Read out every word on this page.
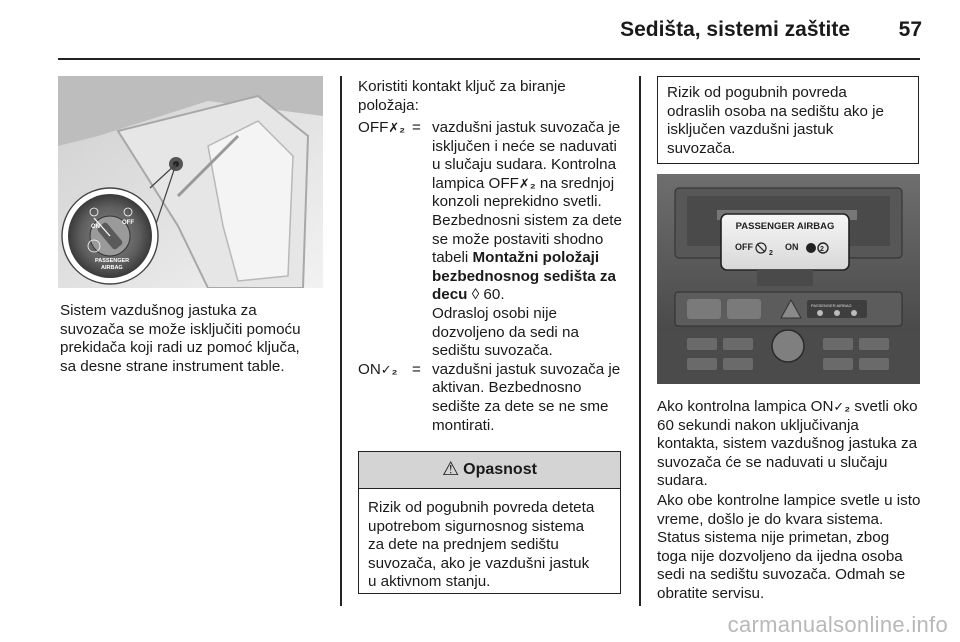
Sedišta, sistemi zaštite	57
ON
OFF
PASSENGER
AIRBAG
Sistem vazdušnog jastuka za
suvozača se može isključiti pomoću
prekidača koji radi uz pomoć ključa,
sa desne strane instrument table.
Koristiti kontakt ključ za biranje
položaja:
OFF✗₂ = vazdušni jastuk suvozača je isključen i neće se naduvati u slučaju sudara. Kontrolna lampica OFF✗₂ na srednjoj konzoli neprekidno svetli. Bezbednosni sistem za dete se može postaviti shodno tabeli Montažni položaji bezbednosnog sedišta za decu ◊ 60.
Odrasloj osobi nije dozvoljeno da sedi na sedištu suvozača.
ON✓₂ = vazdušni jastuk suvozača je aktivan. Bezbednosno sedište za dete se ne sme montirati.
⚠ Opasnost
Rizik od pogubnih povreda deteta
upotrebom sigurnosnog sistema
za dete na prednjem sedištu
suvozača, ako je vazdušni jastuk
u aktivnom stanju.
Rizik od pogubnih povreda
odraslih osoba na sedištu ako je
isključen vazdušni jastuk
suvozača.
PASSENGER AIRBAG
OFF
2
ON	2
PASSENGER AIRBAG
Ako kontrolna lampica ON✓₂ svetli oko 60 sekundi nakon uključivanja kontakta, sistem vazdušnog jastuka za suvozača će se naduvati u slučaju sudara.
Ako obe kontrolne lampice svetle u isto vreme, došlo je do kvara sistema. Status sistema nije primetan, zbog toga nije dozvoljeno da ijedna osoba sedi na sedištu suvozača. Odmah se obratite servisu.
carmanualsonline.info
